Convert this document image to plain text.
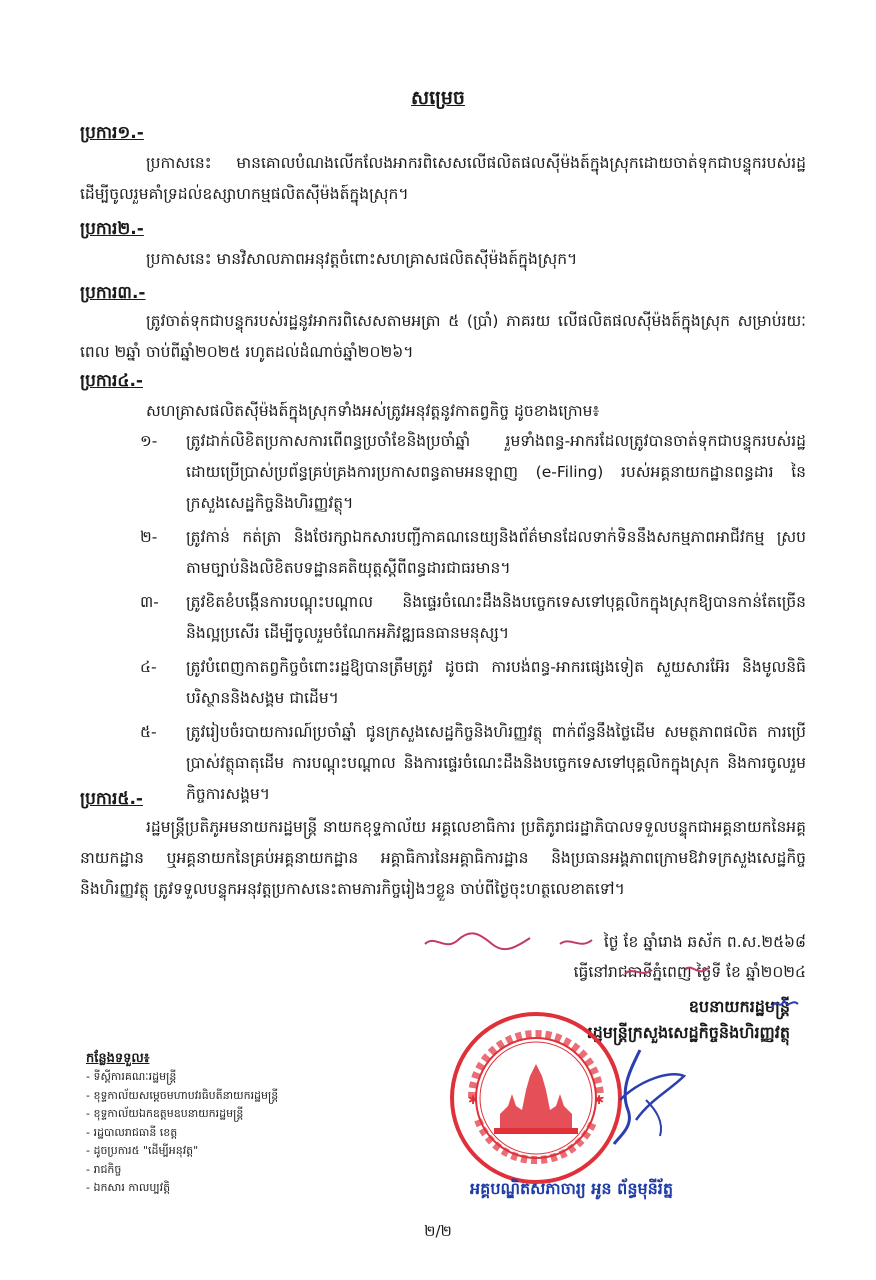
សម្រេច
ប្រការ១.-
ប្រកាសនេះ មានគោលបំណងលើកលែងអាករពិសេសលើផលិតផលស៊ីម៉ងត៍ក្នុងស្រុកដោយចាត់ទុកជាបន្ទុករបស់រដ្ឋ ដើម្បីចូលរួមគាំទ្រដល់ឧស្សាហកម្មផលិតស៊ីម៉ងត៍ក្នុងស្រុក។
ប្រការ២.-
ប្រកាសនេះ មានវិសាលភាពអនុវត្តចំពោះសហគ្រាសផលិតស៊ីម៉ងត៍ក្នុងស្រុក។
ប្រការ៣.-
ត្រូវចាត់ទុកជាបន្ទុករបស់រដ្ឋនូវអាករពិសេសតាមអត្រា ៥ (ប្រាំ) ភាគរយ លើផលិតផលស៊ីម៉ងត៍ក្នុងស្រុក សម្រាប់រយៈពេល ២ឆ្នាំ ចាប់ពីឆ្នាំ២០២៥ រហូតដល់ដំណាច់ឆ្នាំ២០២៦។
ប្រការ៤.-
សហគ្រាសផលិតស៊ីម៉ងត៍ក្នុងស្រុកទាំងអស់ត្រូវអនុវត្តនូវកាតព្វកិច្ច ដូចខាងក្រោម៖
១- ត្រូវដាក់លិខិតប្រកាសការពើពន្ធប្រចាំខែនិងប្រចាំឆ្នាំ រួមទាំងពន្ធ-អាករដែលត្រូវបានចាត់ទុកជាបន្ទុករបស់រដ្ឋ ដោយប្រើប្រាស់ប្រព័ន្ធគ្រប់គ្រងការប្រកាសពន្ធតាមអនឡាញ (e-Filing) របស់អគ្គនាយកដ្ឋានពន្ធដារ នៃក្រសួងសេដ្ឋកិច្ចនិងហិរញ្ញវត្ថុ។
២- ត្រូវកាន់ កត់ត្រា និងថែរក្សាឯកសារបញ្ជីកាគណនេយ្យនិងព័ត៌មានដែលទាក់ទិននឹងសកម្មភាពអាជីវកម្ម ស្របតាមច្បាប់និងលិខិតបទដ្ឋានគតិយុត្តស្តីពីពន្ធដារជាធរមាន។
៣- ត្រូវខិតខំបង្កើនការបណ្តុះបណ្តាល និងផ្ទេរចំណេះដឹងនិងបច្ចេកទេសទៅបុគ្គលិកក្នុងស្រុកឱ្យបានកាន់តែច្រើន និងល្អប្រសើរ ដើម្បីចូលរួមចំណែកអភិវឌ្ឍធនធានមនុស្ស។
៤- ត្រូវបំពេញកាតព្វកិច្ចចំពោះរដ្ឋឱ្យបានត្រឹមត្រូវ ដូចជា ការបង់ពន្ធ-អាករផ្សេងទៀត សួយសារអ៊ែរ និងមូលនិធិបរិស្ថាននិងសង្គម ជាដើម។
៥- ត្រូវរៀបចំរបាយការណ៍ប្រចាំឆ្នាំ ជូនក្រសួងសេដ្ឋកិច្ចនិងហិរញ្ញវត្ថុ ពាក់ព័ន្ធនឹងថ្លៃដើម សមត្ថភាពផលិត ការប្រើប្រាស់វត្ថុធាតុដើម ការបណ្តុះបណ្តាល និងការផ្ទេរចំណេះដឹងនិងបច្ចេកទេសទៅបុគ្គលិកក្នុងស្រុក និងការចូលរួមកិច្ចការសង្គម។
ប្រការ៥.-
រដ្ឋមន្ត្រីប្រតិភូអមនាយករដ្ឋមន្ត្រី នាយកខុទ្ទកាល័យ អគ្គលេខាធិការ ប្រតិភូរាជរដ្ឋាភិបាលទទួលបន្ទុកជាអគ្គនាយកនៃអគ្គនាយកដ្ឋាន ឬអគ្គនាយកនៃគ្រប់អគ្គនាយកដ្ឋាន អគ្គាធិការនៃអគ្គាធិការដ្ឋាន និងប្រធានអង្គភាពក្រោមឱវាទក្រសួងសេដ្ឋកិច្ចនិងហិរញ្ញវត្ថុ ត្រូវទទួលបន្ទុកអនុវត្តប្រកាសនេះតាមភារកិច្ចរៀងៗខ្លួន ចាប់ពីថ្ងៃចុះហត្ថលេខាតទៅ។
ថ្ងៃ ខែ ឆ្នាំរោង ឆស័ក ព.ស.២៥៦៨
ធ្វើនៅរាជធានីភ្នំពេញ ថ្ងៃទី ខែ ឆ្នាំ២០២៤
ឧបនាយករដ្ឋមន្ត្រី
រដ្ឋមន្ត្រីក្រសួងសេដ្ឋកិច្ចនិងហិរញ្ញវត្ថុ
✱	✱
អគ្គបណ្ឌិតសភាចារ្យ អូន ព័ន្ធមុនីរ័ត្ន
កន្លែងទទួល៖
- ទីស្តីការគណៈរដ្ឋមន្ត្រី
- ខុទ្ទកាល័យសម្តេចមហាបវរធិបតីនាយករដ្ឋមន្ត្រី
- ខុទ្ទកាល័យឯកឧត្តមឧបនាយករដ្ឋមន្ត្រី
- រដ្ឋបាលរាជធានី ខេត្ត
- ដូចប្រការ៥ "ដើម្បីអនុវត្ត"
- រាជកិច្ច
- ឯកសារ កាលប្បវត្តិ
២/២
